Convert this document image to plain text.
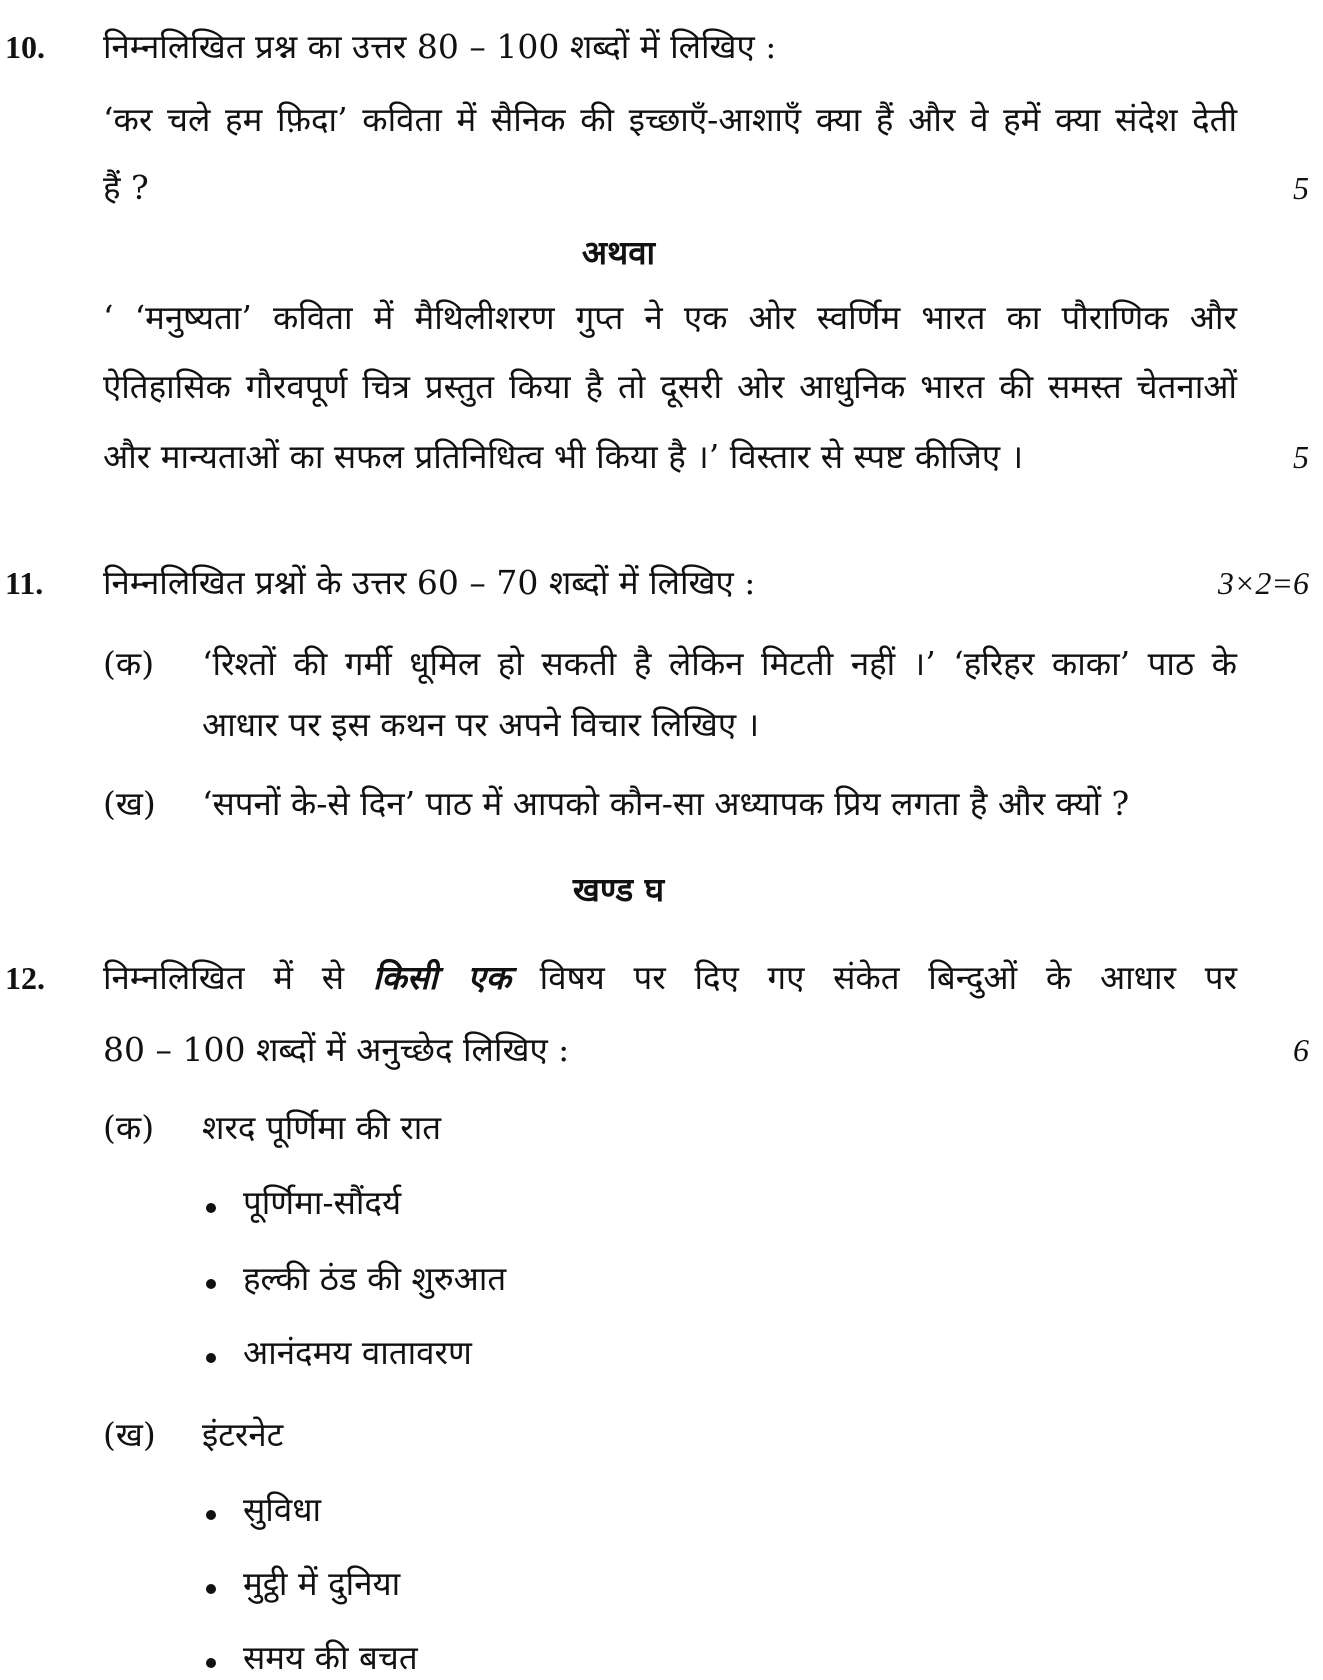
10. निम्नलिखित प्रश्न का उत्तर 80 – 100 शब्दों में लिखिए :
‘कर चले हम फ़िदा’ कविता में सैनिक की इच्छाएँ-आशाएँ क्या हैं और वे हमें क्या संदेश देती
हैं ?	5
अथवा
‘ ‘मनुष्यता’ कविता में मैथिलीशरण गुप्त ने एक ओर स्वर्णिम भारत का पौराणिक और
ऐतिहासिक गौरवपूर्ण चित्र प्रस्तुत किया है तो दूसरी ओर आधुनिक भारत की समस्त चेतनाओं
और मान्यताओं का सफल प्रतिनिधित्व भी किया है ।’ विस्तार से स्पष्ट कीजिए ।	5
11. निम्नलिखित प्रश्नों के उत्तर 60 – 70 शब्दों में लिखिए :	3×2=6
(क) ‘रिश्तों की गर्मी धूमिल हो सकती है लेकिन मिटती नहीं ।’ ‘हरिहर काका’ पाठ के
आधार पर इस कथन पर अपने विचार लिखिए ।
(ख) ‘सपनों के-से दिन’ पाठ में आपको कौन-सा अध्यापक प्रिय लगता है और क्यों ?
खण्ड घ
12. निम्नलिखित में से किसी एक विषय पर दिए गए संकेत बिन्दुओं के आधार पर
80 – 100 शब्दों में अनुच्छेद लिखिए :	6
(क) शरद पूर्णिमा की रात
पूर्णिमा-सौंदर्य
हल्की ठंड की शुरुआत
आनंदमय वातावरण
(ख) इंटरनेट
सुविधा
मुट्ठी में दुनिया
समय की बचत
